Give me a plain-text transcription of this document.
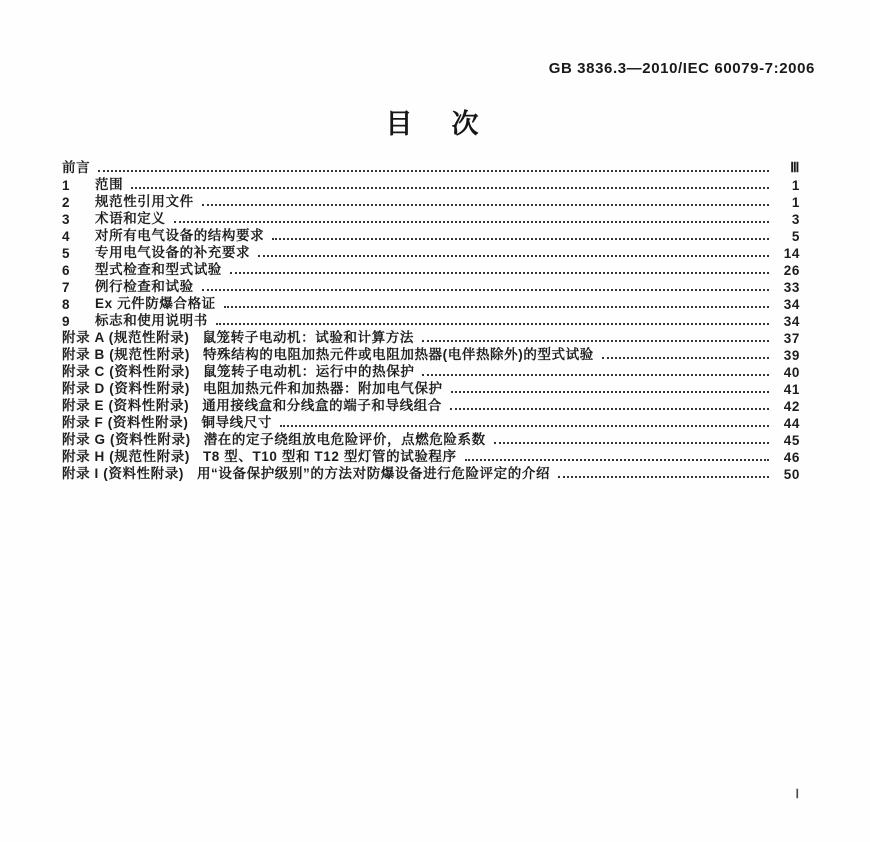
GB 3836.3—2010/IEC 60079-7:2006
目　次
前言	Ⅲ
1	范围	1
2	规范性引用文件	1
3	术语和定义	3
4	对所有电气设备的结构要求	5
5	专用电气设备的补充要求	14
6	型式检查和型式试验	26
7	例行检查和试验	33
8	Ex 元件防爆合格证	34
9	标志和使用说明书	34
附录 A (规范性附录) 鼠笼转子电动机：试验和计算方法	37
附录 B (规范性附录) 特殊结构的电阻加热元件或电阻加热器(电伴热除外)的型式试验	39
附录 C (资料性附录) 鼠笼转子电动机：运行中的热保护	40
附录 D (资料性附录) 电阻加热元件和加热器：附加电气保护	41
附录 E (资料性附录) 通用接线盒和分线盒的端子和导线组合	42
附录 F (资料性附录) 铜导线尺寸	44
附录 G (资料性附录) 潜在的定子绕组放电危险评价，点燃危险系数	45
附录 H (规范性附录) T8 型、T10 型和 T12 型灯管的试验程序	46
附录 I (资料性附录) 用“设备保护级别”的方法对防爆设备进行危险评定的介绍	50
Ⅰ
